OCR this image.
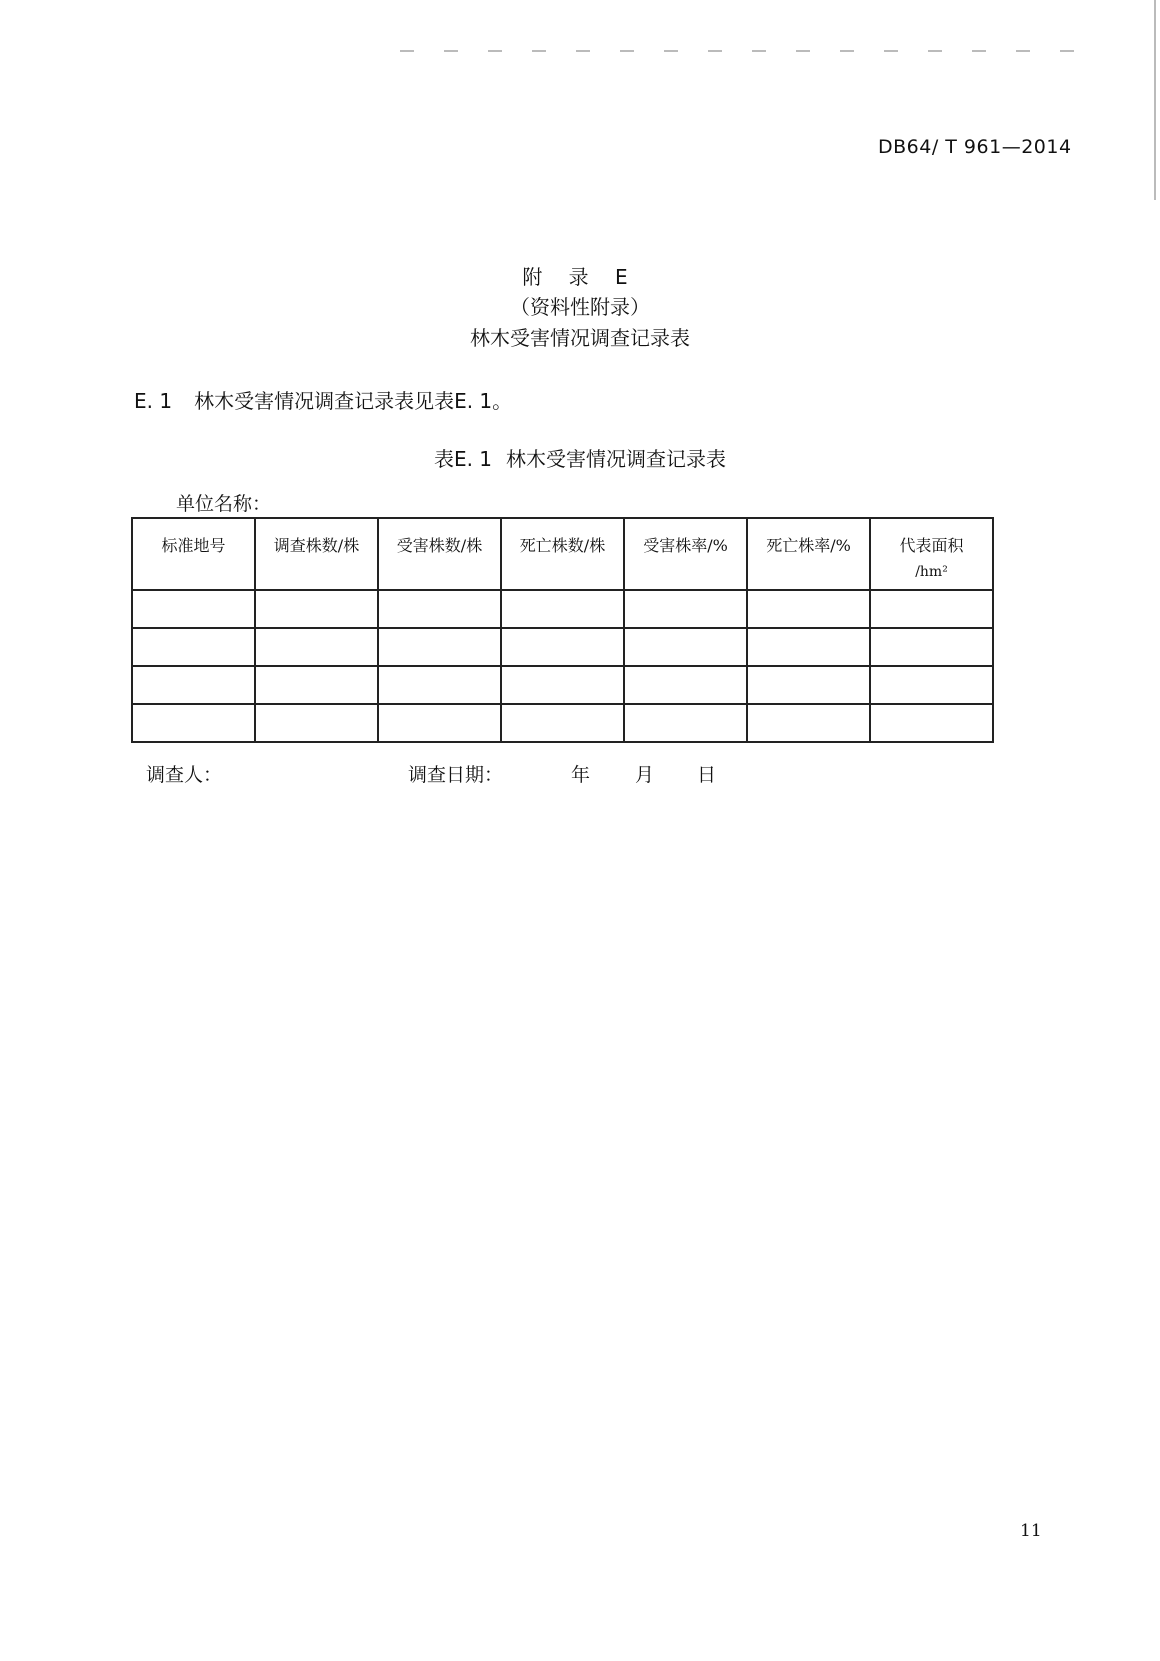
DB64/ T 961—2014
附 录 E
（资料性附录）
林木受害情况调查记录表
E. 1 林木受害情况调查记录表见表E. 1。
表E. 1 林木受害情况调查记录表
单位名称：
标准地号	调查株数/株	受害株数/株	死亡株数/株	受害株率/%	死亡株率/%	代表面积
/hm²

调查人：	调查日期：	年 月 日
11
